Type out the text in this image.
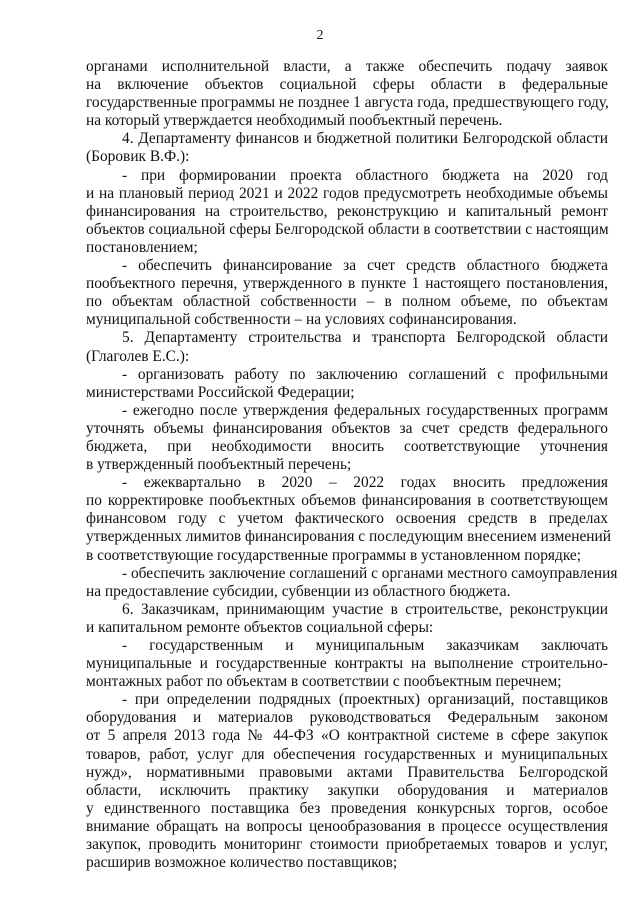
2
органами исполнительной власти, а также обеспечить подачу заявок
на включение объектов социальной сферы области в федеральные
государственные программы не позднее 1 августа года, предшествующего году,
на который утверждается необходимый пообъектный перечень.
4. Департаменту финансов и бюджетной политики Белгородской области
(Боровик В.Ф.):
- при формировании проекта областного бюджета на 2020 год
и на плановый период 2021 и 2022 годов предусмотреть необходимые объемы
финансирования на строительство, реконструкцию и капитальный ремонт
объектов социальной сферы Белгородской области в соответствии с настоящим
постановлением;
- обеспечить финансирование за счет средств областного бюджета
пообъектного перечня, утвержденного в пункте 1 настоящего постановления,
по объектам областной собственности – в полном объеме, по объектам
муниципальной собственности – на условиях софинансирования.
5. Департаменту строительства и транспорта Белгородской области
(Глаголев Е.С.):
- организовать работу по заключению соглашений с профильными
министерствами Российской Федерации;
- ежегодно после утверждения федеральных государственных программ
уточнять объемы финансирования объектов за счет средств федерального
бюджета, при необходимости вносить соответствующие уточнения
в утвержденный пообъектный перечень;
- ежеквартально в 2020 – 2022 годах вносить предложения
по корректировке пообъектных объемов финансирования в соответствующем
финансовом году с учетом фактического освоения средств в пределах
утвержденных лимитов финансирования с последующим внесением изменений
в соответствующие государственные программы в установленном порядке;
- обеспечить заключение соглашений с органами местного самоуправления
на предоставление субсидии, субвенции из областного бюджета.
6. Заказчикам, принимающим участие в строительстве, реконструкции
и капитальном ремонте объектов социальной сферы:
- государственным и муниципальным заказчикам заключать
муниципальные и государственные контракты на выполнение строительно-
монтажных работ по объектам в соответствии с пообъектным перечнем;
- при определении подрядных (проектных) организаций, поставщиков
оборудования и материалов руководствоваться Федеральным законом
от 5 апреля 2013 года № 44-ФЗ «О контрактной системе в сфере закупок
товаров, работ, услуг для обеспечения государственных и муниципальных
нужд», нормативными правовыми актами Правительства Белгородской
области, исключить практику закупки оборудования и материалов
у единственного поставщика без проведения конкурсных торгов, особое
внимание обращать на вопросы ценообразования в процессе осуществления
закупок, проводить мониторинг стоимости приобретаемых товаров и услуг,
расширив возможное количество поставщиков;
